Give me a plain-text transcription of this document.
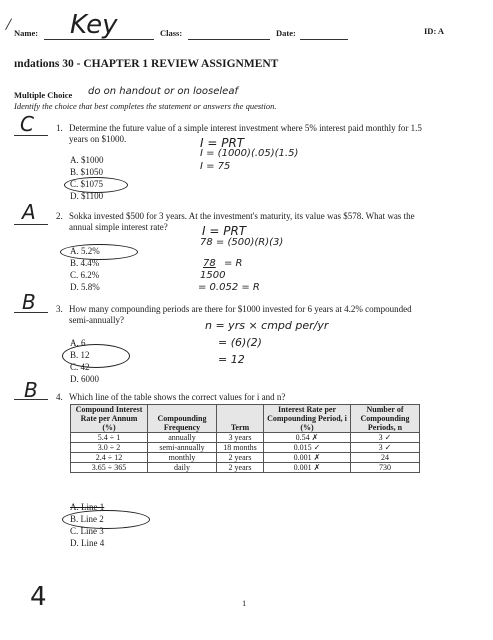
/ Name: Key	Class:	Date:	ID: A
ındations 30 - CHAPTER 1 REVIEW ASSIGNMENT
Multiple Choice do on handout or on looseleaf
Identify the choice that best completes the statement or answers the question.
C 1. Determine the future value of a simple interest investment where 5% interest paid monthly for 1.5
years on $1000.	I = PRT
I = (1000)(.05)(1.5)
I = 75
A. $1000
B. $1050
C. $1075
D. $1100
A 2. Sokka invested $500 for 3 years. At the investment's maturity, its value was $578. What was the
annual simple interest rate?	I = PRT
78 = (500)(R)(3)
78 = R
1500
= 0.052 = R
A. 5.2%
B. 4.4%
C. 6.2%
D. 5.8%
B 3. How many compounding periods are there for $1000 invested for 6 years at 4.2% compounded
semi-annually?	n = yrs × cmpd per/yr
= (6)(2)
= 12
A. 6
B. 12
C. 42
D. 6000
B 4. Which line of the table shows the correct values for i and n?
Compound Interest Rate per Annum (%)	Compounding Frequency	Term	Interest Rate per Compounding Period, i (%)	Number of Compounding Periods, n
5.4 ÷ 1	annually	3 years	0.54 ✗	3 ✓
3.0 ÷ 2	semi-annually	18 months	0.015 ✓	3 ✓
2.4 ÷ 12	monthly	2 years	0.001 ✗	24
3.65 ÷ 365	daily	2 years	0.001 ✗	730
A. Line 1
B. Line 2
C. Line 3
D. Line 4
4	1
